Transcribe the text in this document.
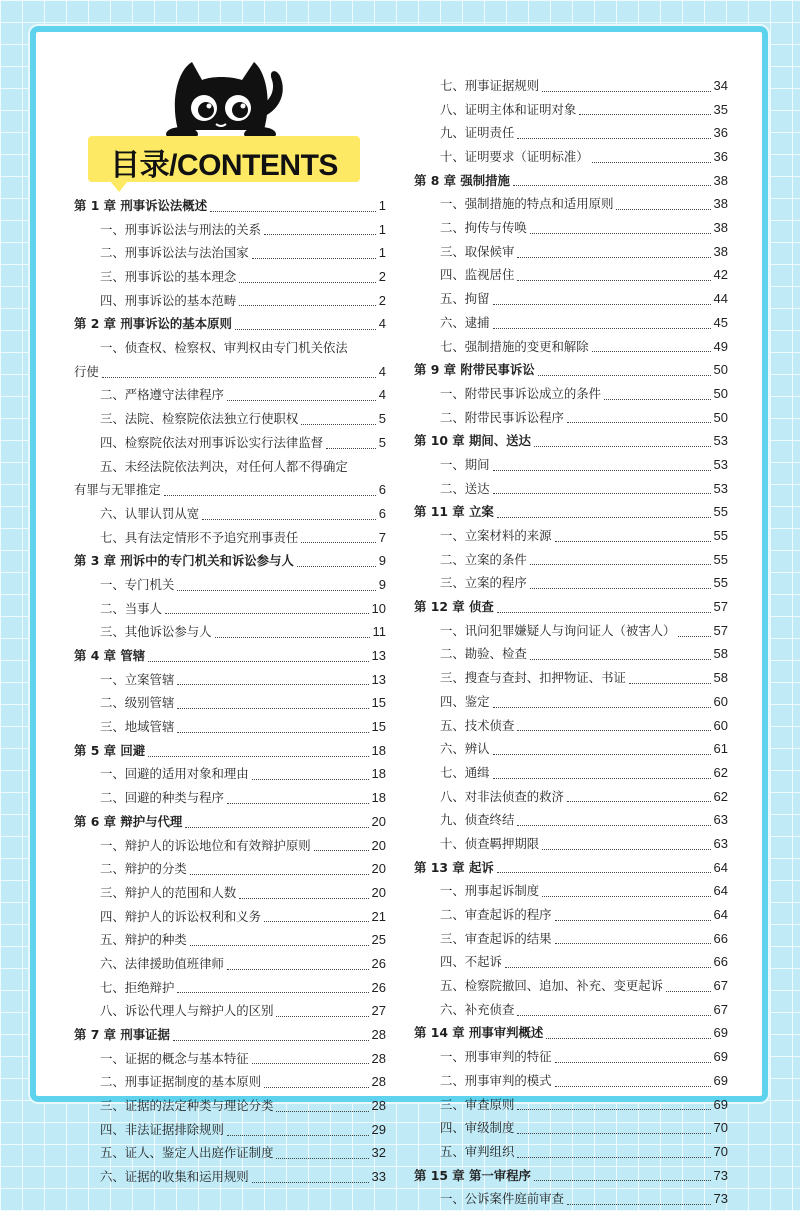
目录/CONTENTS
第 1 章 刑事诉讼法概述	1
一、刑事诉讼法与刑法的关系	1
二、刑事诉讼法与法治国家	1
三、刑事诉讼的基本理念	2
四、刑事诉讼的基本范畴	2
第 2 章 刑事诉讼的基本原则	4
一、侦查权、检察权、审判权由专门机关依法
行使	4
二、严格遵守法律程序	4
三、法院、检察院依法独立行使职权	5
四、检察院依法对刑事诉讼实行法律监督	5
五、未经法院依法判决，对任何人都不得确定
有罪与无罪推定	6
六、认罪认罚从宽	6
七、具有法定情形不予追究刑事责任	7
第 3 章 刑诉中的专门机关和诉讼参与人	9
一、专门机关	9
二、当事人	10
三、其他诉讼参与人	11
第 4 章 管辖	13
一、立案管辖	13
二、级别管辖	15
三、地域管辖	15
第 5 章 回避	18
一、回避的适用对象和理由	18
二、回避的种类与程序	18
第 6 章 辩护与代理	20
一、辩护人的诉讼地位和有效辩护原则	20
二、辩护的分类	20
三、辩护人的范围和人数	20
四、辩护人的诉讼权利和义务	21
五、辩护的种类	25
六、法律援助值班律师	26
七、拒绝辩护	26
八、诉讼代理人与辩护人的区别	27
第 7 章 刑事证据	28
一、证据的概念与基本特征	28
二、刑事证据制度的基本原则	28
三、证据的法定种类与理论分类	28
四、非法证据排除规则	29
五、证人、鉴定人出庭作证制度	32
六、证据的收集和运用规则	33
七、刑事证据规则	34
八、证明主体和证明对象	35
九、证明责任	36
十、证明要求（证明标准）	36
第 8 章 强制措施	38
一、强制措施的特点和适用原则	38
二、拘传与传唤	38
三、取保候审	38
四、监视居住	42
五、拘留	44
六、逮捕	45
七、强制措施的变更和解除	49
第 9 章 附带民事诉讼	50
一、附带民事诉讼成立的条件	50
二、附带民事诉讼程序	50
第 10 章 期间、送达	53
一、期间	53
二、送达	53
第 11 章 立案	55
一、立案材料的来源	55
二、立案的条件	55
三、立案的程序	55
第 12 章 侦查	57
一、讯问犯罪嫌疑人与询问证人（被害人）	57
二、勘验、检查	58
三、搜查与查封、扣押物证、书证	58
四、鉴定	60
五、技术侦查	60
六、辨认	61
七、通缉	62
八、对非法侦查的救济	62
九、侦查终结	63
十、侦查羁押期限	63
第 13 章 起诉	64
一、刑事起诉制度	64
二、审查起诉的程序	64
三、审查起诉的结果	66
四、不起诉	66
五、检察院撤回、追加、补充、变更起诉	67
六、补充侦查	67
第 14 章 刑事审判概述	69
一、刑事审判的特征	69
二、刑事审判的模式	69
三、审查原则	69
四、审级制度	70
五、审判组织	70
第 15 章 第一审程序	73
一、公诉案件庭前审查	73
